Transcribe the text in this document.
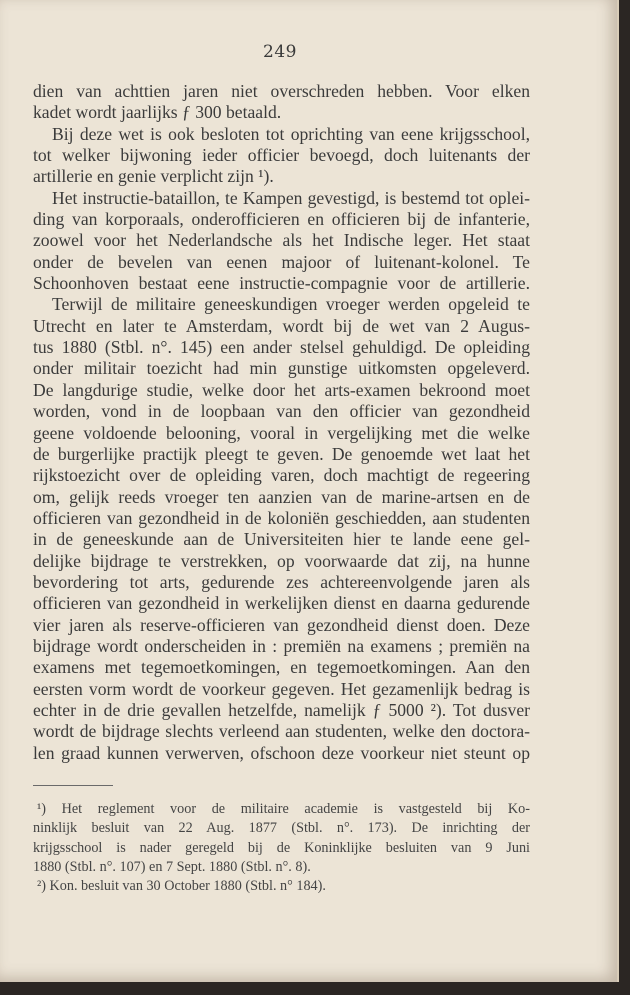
249
dien van achttien jaren niet overschreden hebben. Voor elken
kadet wordt jaarlijks ƒ 300 betaald.
Bij deze wet is ook besloten tot oprichting van eene krijgsschool,
tot welker bijwoning ieder officier bevoegd, doch luitenants der
artillerie en genie verplicht zijn ¹).
Het instructie-bataillon, te Kampen gevestigd, is bestemd tot oplei-
ding van korporaals, onderofficieren en officieren bij de infanterie,
zoowel voor het Nederlandsche als het Indische leger. Het staat
onder de bevelen van eenen majoor of luitenant-kolonel. Te
Schoonhoven bestaat eene instructie-compagnie voor de artillerie.
Terwijl de militaire geneeskundigen vroeger werden opgeleid te
Utrecht en later te Amsterdam, wordt bij de wet van 2 Augus-
tus 1880 (Stbl. n°. 145) een ander stelsel gehuldigd. De opleiding
onder militair toezicht had min gunstige uitkomsten opgeleverd.
De langdurige studie, welke door het arts-examen bekroond moet
worden, vond in de loopbaan van den officier van gezondheid
geene voldoende belooning, vooral in vergelijking met die welke
de burgerlijke practijk pleegt te geven. De genoemde wet laat het
rijkstoezicht over de opleiding varen, doch machtigt de regeering
om, gelijk reeds vroeger ten aanzien van de marine-artsen en de
officieren van gezondheid in de koloniën geschiedden, aan studenten
in de geneeskunde aan de Universiteiten hier te lande eene gel-
delijke bijdrage te verstrekken, op voorwaarde dat zij, na hunne
bevordering tot arts, gedurende zes achtereenvolgende jaren als
officieren van gezondheid in werkelijken dienst en daarna gedurende
vier jaren als reserve-officieren van gezondheid dienst doen. Deze
bijdrage wordt onderscheiden in : premiën na examens ; premiën na
examens met tegemoetkomingen, en tegemoetkomingen. Aan den
eersten vorm wordt de voorkeur gegeven. Het gezamenlijk bedrag is
echter in de drie gevallen hetzelfde, namelijk ƒ 5000 ²). Tot dusver
wordt de bijdrage slechts verleend aan studenten, welke den doctora-
len graad kunnen verwerven, ofschoon deze voorkeur niet steunt op
¹) Het reglement voor de militaire academie is vastgesteld bij Ko-
ninklijk besluit van 22 Aug. 1877 (Stbl. n°. 173). De inrichting der
krijgsschool is nader geregeld bij de Koninklijke besluiten van 9 Juni
1880 (Stbl. n°. 107) en 7 Sept. 1880 (Stbl. n°. 8).
²) Kon. besluit van 30 October 1880 (Stbl. n° 184).
